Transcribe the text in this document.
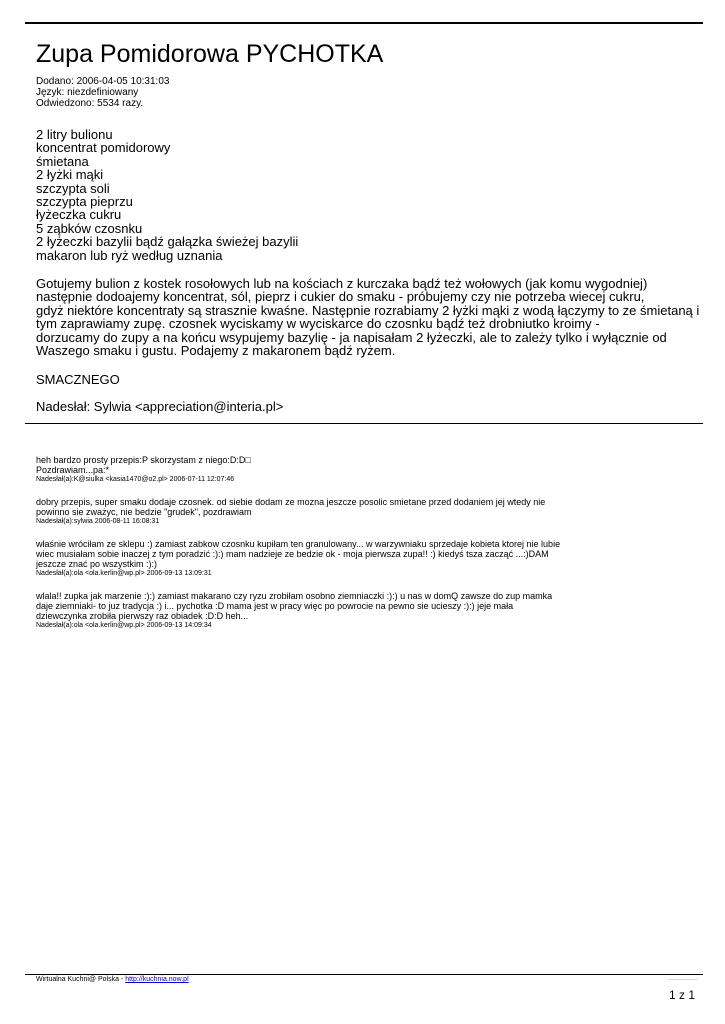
Zupa Pomidorowa PYCHOTKA
Dodano: 2006-04-05 10:31:03
Język: niezdefiniowany
Odwiedzono: 5534 razy.
2 litry bulionu
koncentrat pomidorowy
śmietana
2 łyżki mąki
szczypta soli
szczypta pieprzu
łyżeczka cukru
5 ząbków czosnku
2 łyżeczki bazylii bądź gałązka świeżej bazylii
makaron lub ryż według uznania
Gotujemy bulion z kostek rosołowych lub na kościach z kurczaka bądź też wołowych (jak komu wygodniej)
następnie dodoajemy koncentrat, sól, pieprz i cukier do smaku - próbujemy czy nie potrzeba wiecej cukru,
gdyż niektóre koncentraty są strasznie kwaśne. Następnie rozrabiamy 2 łyżki mąki z wodą łączymy to ze śmietaną i
tym zaprawiamy zupę. czosnek wyciskamy w wyciskarce do czosnku bądź też drobniutko kroimy -
dorzucamy do zupy a na końcu wsypujemy bazylię - ja napisałam 2 łyżeczki, ale to zależy tylko i wyłącznie od
Waszego smaku i gustu. Podajemy z makaronem bądź ryżem.
SMACZNEGO
Nadesłał: Sylwia <appreciation@interia.pl>
heh bardzo prosty przepis:P skorzystam z niego:D:D□
Pozdrawiam...pa:*
Nadesłał(a):K@siulka <kasia1470@o2.pl> 2006-07-11 12:07:46
dobry przepis, super smaku dodaje czosnek. od siebie dodam ze mozna jeszcze posolic smietane przed dodaniem jej wtedy nie
powinno sie zważyc, nie bedzie "grudek", pozdrawiam
Nadesłał(a):sylwia 2006-08-11 16:08:31
właśnie wróciłam ze sklepu :) zamiast zabkow czosnku kupiłam ten granulowany... w warzywniaku sprzedaje kobieta ktorej nie lubie
wiec musiałam sobie inaczej z tym poradzić :):) mam nadzieje ze bedzie ok - moja pierwsza zupa!! :) kiedyś tsza zacząć ...:)DAM
jeszcze znać po wszystkim :):)
Nadesłał(a):ola <ola.kerlin@wp.pl> 2006-09-13 13:09:31
wlala!! zupka jak marzenie :):) zamiast makarano czy ryzu zrobiłam osobno ziemniaczki :):) u nas w domQ zawsze do zup mamka
daje ziemniaki- to juz tradycja :) i... pychotka :D mama jest w pracy więc po powrocie na pewno sie ucieszy :):) jeje mała
dziewczynka zrobiła pierwszy raz obiadek :D:D heh...
Nadesłał(a):ola <ola.kerlin@wp.pl> 2006-09-13 14:09:34
Wirtualna Kuchni@ Polska - http://kuchnia.now.pl
1 z 1
